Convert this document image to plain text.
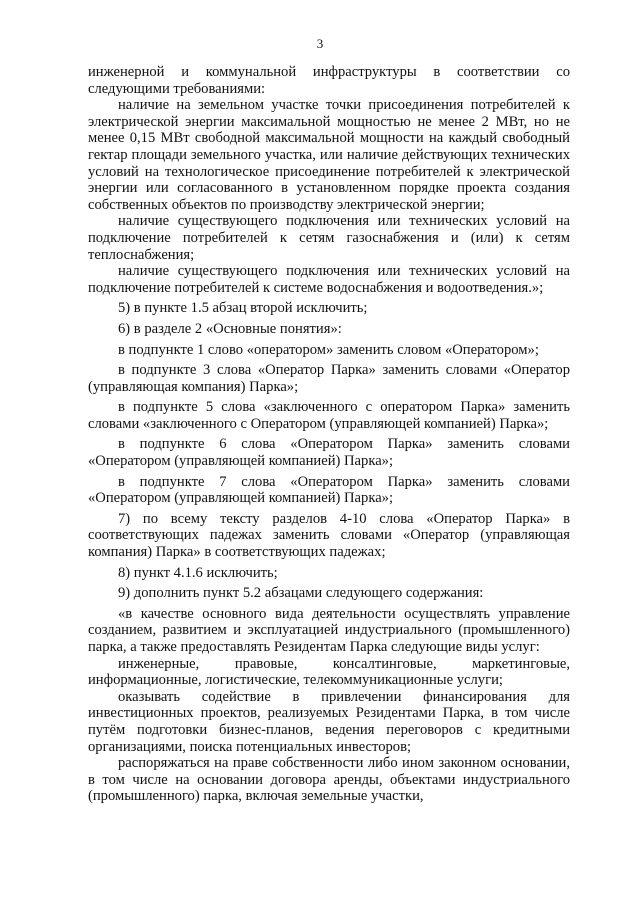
3

инженерной и коммунальной инфраструктуры в соответствии со следующими требованиями:

наличие на земельном участке точки присоединения потребителей к электрической энергии максимальной мощностью не менее 2 МВт, но не менее 0,15 МВт свободной максимальной мощности на каждый свободный гектар площади земельного участка, или наличие действующих технических условий на технологическое присоединение потребителей к электрической энергии или согласованного в установленном порядке проекта создания собственных объектов по производству электрической энергии;

наличие существующего подключения или технических условий на подключение потребителей к сетям газоснабжения и (или) к сетям теплоснабжения;

наличие существующего подключения или технических условий на подключение потребителей к системе водоснабжения и водоотведения.»;

5) в пункте 1.5 абзац второй исключить;

6) в разделе 2 «Основные понятия»:

в подпункте 1 слово «оператором» заменить словом «Оператором»;

в подпункте 3 слова «Оператор Парка» заменить словами «Оператор (управляющая компания) Парка»;

в подпункте 5 слова «заключенного с оператором Парка» заменить словами «заключенного с Оператором (управляющей компанией) Парка»;

в подпункте 6 слова «Оператором Парка» заменить словами «Оператором (управляющей компанией) Парка»;

в подпункте 7 слова «Оператором Парка» заменить словами «Оператором (управляющей компанией) Парка»;

7) по всему тексту разделов 4-10 слова «Оператор Парка» в соответствующих падежах заменить словами «Оператор (управляющая компания) Парка» в соответствующих падежах;

8) пункт 4.1.6 исключить;

9) дополнить пункт 5.2 абзацами следующего содержания:

«в качестве основного вида деятельности осуществлять управление созданием, развитием и эксплуатацией индустриального (промышленного) парка, а также предоставлять Резидентам Парка следующие виды услуг:

инженерные, правовые, консалтинговые, маркетинговые, информационные, логистические, телекоммуникационные услуги;

оказывать содействие в привлечении финансирования для инвестиционных проектов, реализуемых Резидентами Парка, в том числе путём подготовки бизнес-планов, ведения переговоров с кредитными организациями, поиска потенциальных инвесторов;

распоряжаться на праве собственности либо ином законном основании, в том числе на основании договора аренды, объектами индустриального (промышленного) парка, включая земельные участки,
